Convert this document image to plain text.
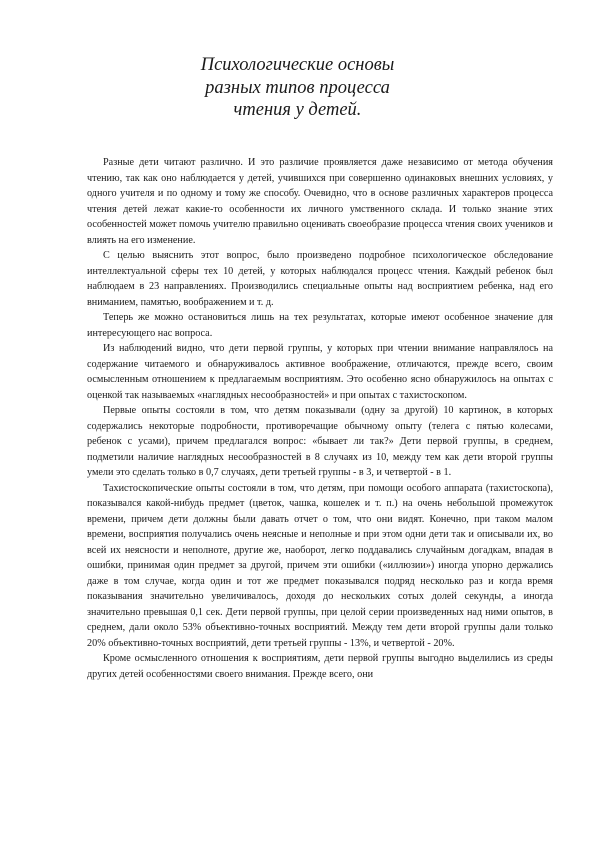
Психологические основы
разных типов процесса
чтения у детей.

Разные дети читают различно. И это различие проявляется даже независимо от метода обучения чтению, так как оно наблюдается у детей, учившихся при совершенно одинаковых внешних условиях, у одного учителя и по одному и тому же способу. Очевидно, что в основе различных характеров процесса чтения детей лежат какие-то особенности их личного умственного склада. И только знание этих особенностей может помочь учителю правильно оценивать своеобразие процесса чтения своих учеников и влиять на его изменение.

С целью выяснить этот вопрос, было произведено подробное психологическое обследование интеллектуальной сферы тех 10 детей, у которых наблюдался процесс чтения. Каждый ребенок был наблюдаем в 23 направлениях. Производились специальные опыты над восприятием ребенка, над его вниманием, памятью, воображением и т. д.

Теперь же можно остановиться лишь на тех результатах, которые имеют особенное значение для интересующего нас вопроса.

Из наблюдений видно, что дети первой группы, у которых при чтении внимание направлялось на содержание читаемого и обнаруживалось активное воображение, отличаются, прежде всего, своим осмысленным отношением к предлагаемым восприятиям. Это особенно ясно обнаружилось на опытах с оценкой так называемых «наглядных несообразностей» и при опытах с тахистоскопом.

Первые опыты состояли в том, что детям показывали (одну за другой) 10 картинок, в которых содержались некоторые подробности, противоречащие обычному опыту (телега с пятью колесами, ребенок с усами), причем предлагался вопрос: «бывает ли так?» Дети первой группы, в среднем, подметили наличие наглядных несообразностей в 8 случаях из 10, между тем как дети второй группы умели это сделать только в 0,7 случаях, дети третьей группы - в 3, и четвертой - в 1.

Тахистоскопические опыты состояли в том, что детям, при помощи особого аппарата (тахистоскопа), показывался какой-нибудь предмет (цветок, чашка, кошелек и т. п.) на очень небольшой промежуток времени, причем дети должны были давать отчет о том, что они видят. Конечно, при таком малом времени, восприятия получались очень неясные и неполные и при этом одни дети так и описывали их, во всей их неясности и неполноте, другие же, наоборот, легко поддавались случайным догадкам, впадая в ошибки, принимая один предмет за другой, причем эти ошибки («иллюзии») иногда упорно держались даже в том случае, когда один и тот же предмет показывался подряд несколько раз и когда время показывания значительно увеличивалось, доходя до нескольких сотых долей секунды, а иногда значительно превышая 0,1 сек. Дети первой группы, при целой серии произведенных над ними опытов, в среднем, дали около 53% объективно-точных восприятий. Между тем дети второй группы дали только 20% объективно-точных восприятий, дети третьей группы - 13%, и четвертой - 20%.

Кроме осмысленного отношения к восприятиям, дети первой группы выгодно выделились из среды других детей особенностями своего внимания. Прежде всего, они
